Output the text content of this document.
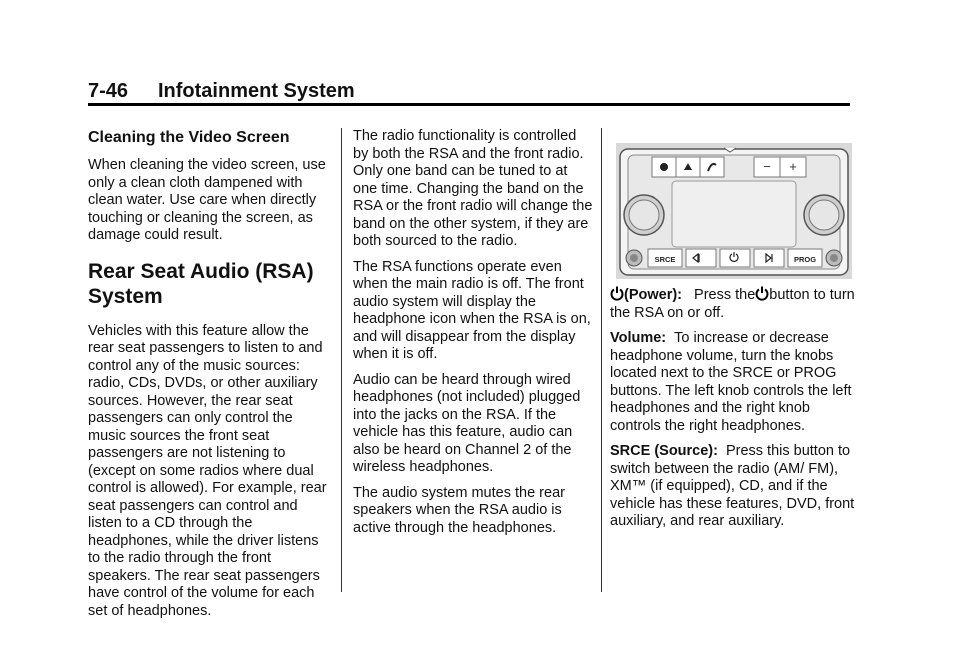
7-46 Infotainment System
Cleaning the Video Screen

When cleaning the video screen, use only a clean cloth dampened with clean water. Use care when directly touching or cleaning the screen, as damage could result.

Rear Seat Audio (RSA) System

Vehicles with this feature allow the rear seat passengers to listen to and control any of the music sources: radio, CDs, DVDs, or other auxiliary sources. However, the rear seat passengers can only control the music sources the front seat passengers are not listening to (except on some radios where dual control is allowed). For example, rear seat passengers can control and listen to a CD through the headphones, while the driver listens to the radio through the front speakers. The rear seat passengers have control of the volume for each set of headphones.

The radio functionality is controlled by both the RSA and the front radio. Only one band can be tuned to at one time. Changing the band on the RSA or the front radio will change the band on the other system, if they are both sourced to the radio.

The RSA functions operate even when the main radio is off. The front audio system will display the headphone icon when the RSA is on, and will disappear from the display when it is off.

Audio can be heard through wired headphones (not included) plugged into the jacks on the RSA. If the vehicle has this feature, audio can also be heard on Channel 2 of the wireless headphones.

The audio system mutes the rear speakers when the RSA audio is active through the headphones.

− +
SRCE	PROG

(Power): Press the button to turn the RSA on or off.

Volume: To increase or decrease headphone volume, turn the knobs located next to the SRCE or PROG buttons. The left knob controls the left headphones and the right knob controls the right headphones.

SRCE (Source): Press this button to switch between the radio (AM/ FM), XM™ (if equipped), CD, and if the vehicle has these features, DVD, front auxiliary, and rear auxiliary.
